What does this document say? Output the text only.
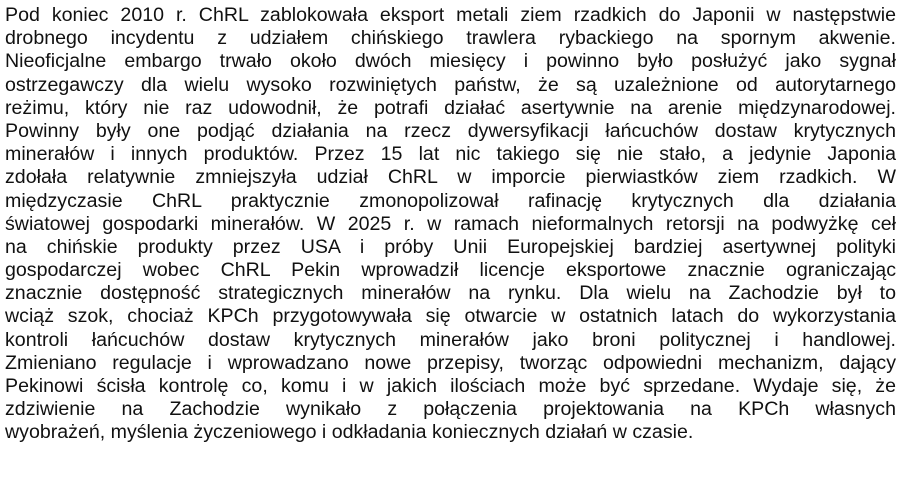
Pod koniec 2010 r. ChRL zablokowała eksport metali ziem rzadkich do Japonii w następstwie
drobnego incydentu z udziałem chińskiego trawlera rybackiego na spornym akwenie.
Nieoficjalne embargo trwało około dwóch miesięcy i powinno było posłużyć jako sygnał
ostrzegawczy dla wielu wysoko rozwiniętych państw, że są uzależnione od autorytarnego
reżimu, który nie raz udowodnił, że potrafi działać asertywnie na arenie międzynarodowej.
Powinny były one podjąć działania na rzecz dywersyfikacji łańcuchów dostaw krytycznych
minerałów i innych produktów. Przez 15 lat nic takiego się nie stało, a jedynie Japonia
zdołała relatywnie zmniejszyła udział ChRL w imporcie pierwiastków ziem rzadkich. W
międzyczasie ChRL praktycznie zmonopolizował rafinację krytycznych dla działania
światowej gospodarki minerałów. W 2025 r. w ramach nieformalnych retorsji na podwyżkę ceł
na chińskie produkty przez USA i próby Unii Europejskiej bardziej asertywnej polityki
gospodarczej wobec ChRL Pekin wprowadził licencje eksportowe znacznie ograniczając
znacznie dostępność strategicznych minerałów na rynku. Dla wielu na Zachodzie był to
wciąż szok, chociaż KPCh przygotowywała się otwarcie w ostatnich latach do wykorzystania
kontroli łańcuchów dostaw krytycznych minerałów jako broni politycznej i handlowej.
Zmieniano regulacje i wprowadzano nowe przepisy, tworząc odpowiedni mechanizm, dający
Pekinowi ścisła kontrolę co, komu i w jakich ilościach może być sprzedane. Wydaje się, że
zdziwienie na Zachodzie wynikało z połączenia projektowania na KPCh własnych
wyobrażeń, myślenia życzeniowego i odkładania koniecznych działań w czasie.
